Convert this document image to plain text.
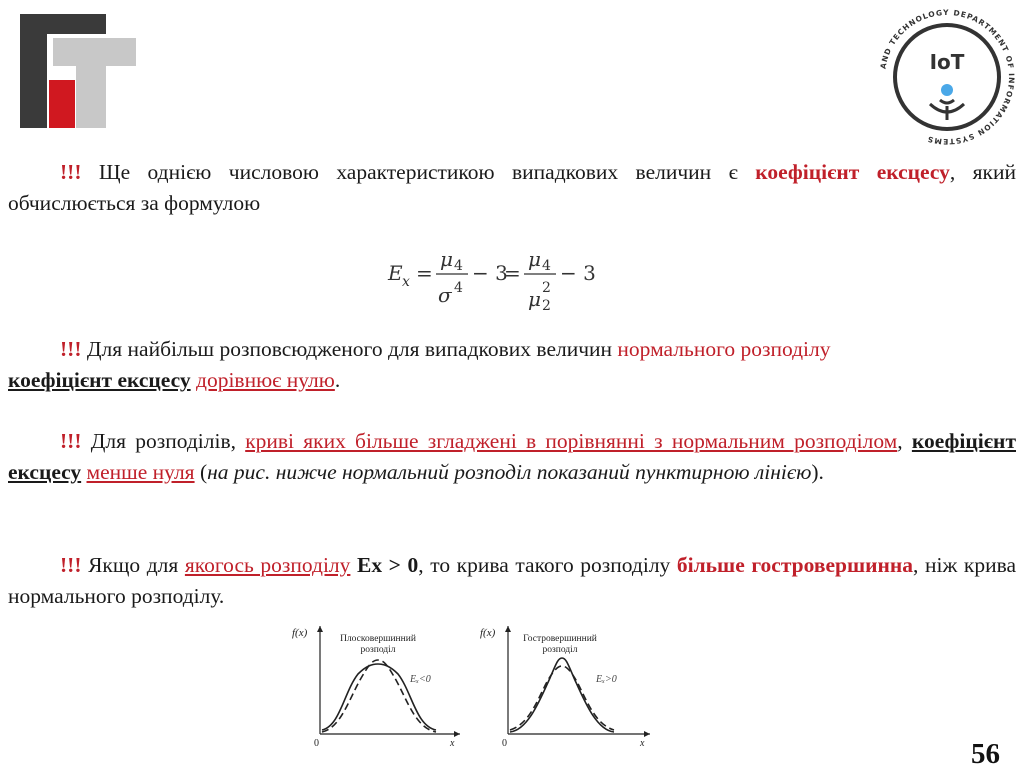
AND TECHNOLOGY DEPARTMENT OF INFORMATION SYSTEMS
IoT
!!! Ще однією числовою характеристикою випадкових величин є коефіцієнт ексцесу, який обчислюється за формулою
E x =
μ 4
σ 4
− 3
=
μ 4
μ 2
2
− 3
!!! Для найбільш розповсюдженого для випадкових величин нормального розподілу
коефіцієнт ексцесу дорівнює нулю.
!!! Для розподілів, криві яких більше згладжені в порівнянні з нормальним розподілом, коефіцієнт ексцесу менше нуля (на рис. нижче нормальний розподіл показаний пунктирною лінією).
!!! Якщо для якогось розподілу Ex > 0, то крива такого розподілу більше гостровершинна, ніж крива нормального розподілу.
f(x)	Плосковершинний
розподіл
0	x
Eₓ<0
f(x)	Гостровершинний
розподіл
0	x
Eₓ>0
56
